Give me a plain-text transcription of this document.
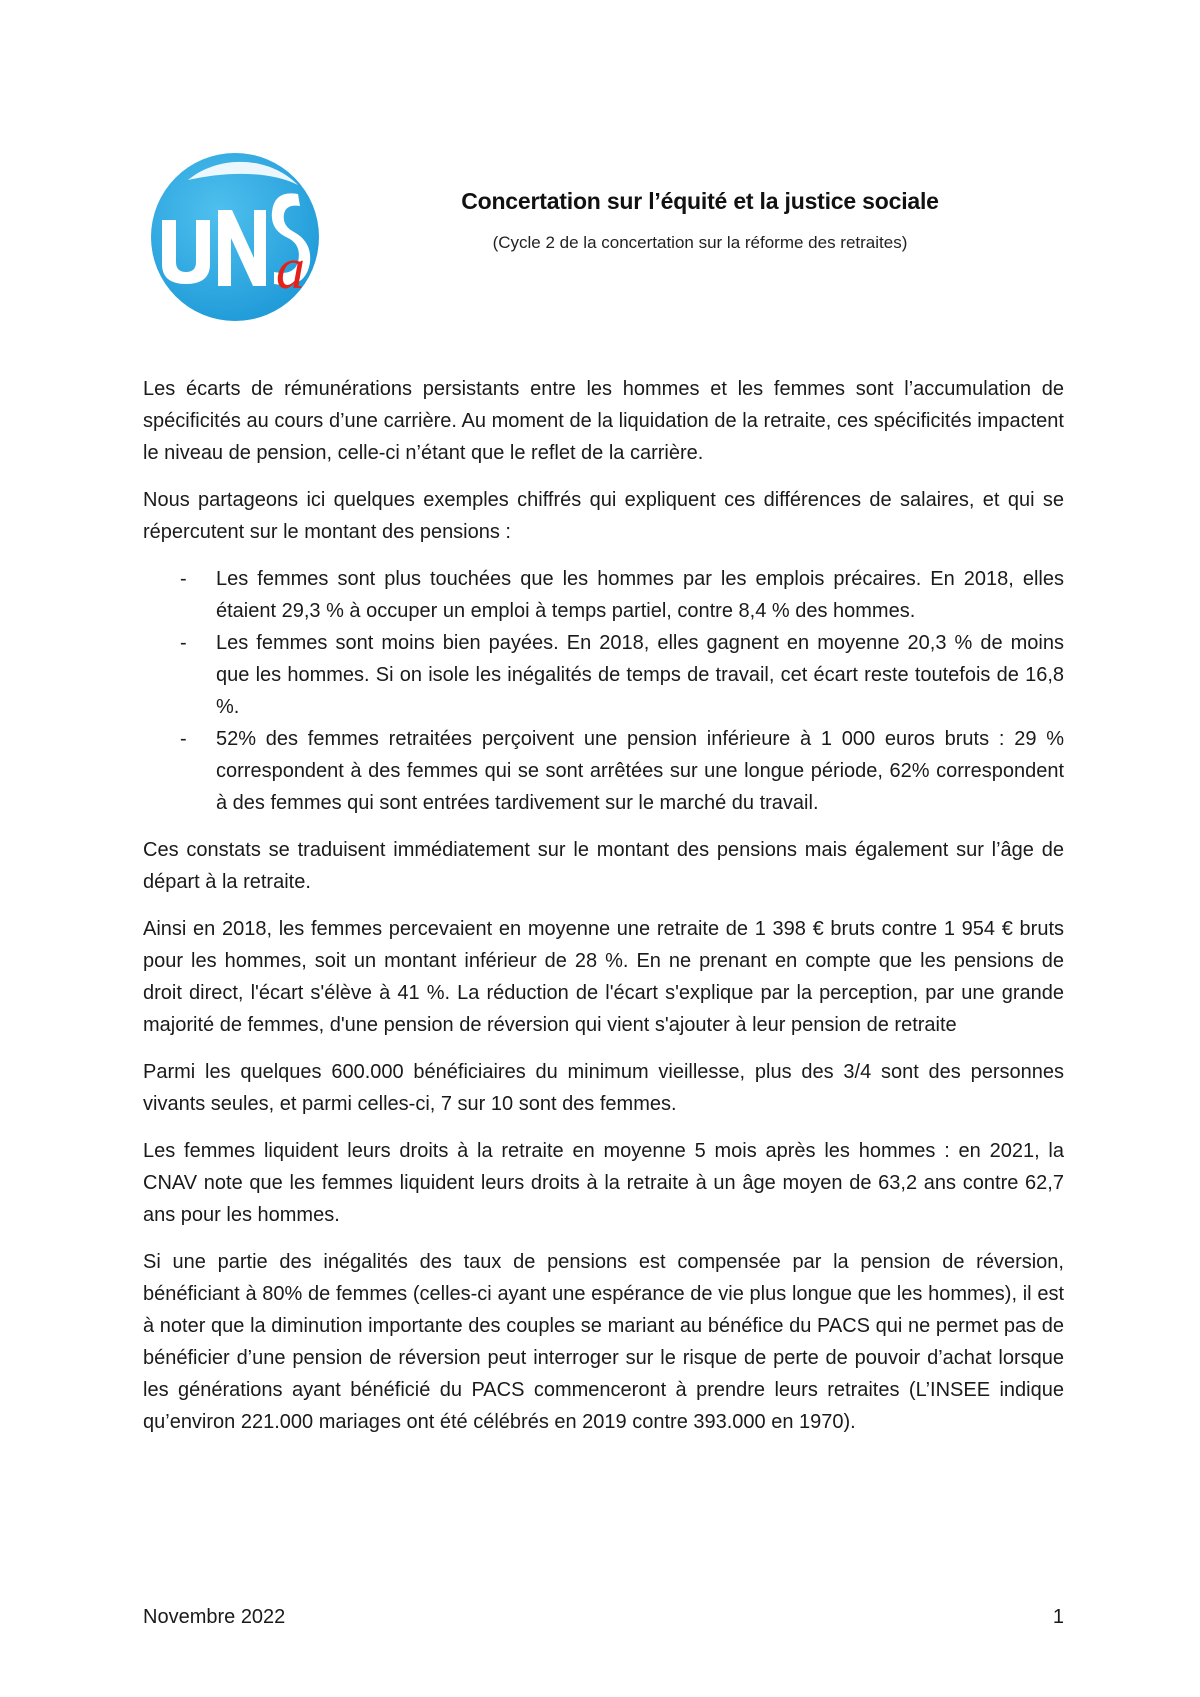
a
Concertation sur l’équité et la justice sociale

(Cycle 2 de la concertation sur la réforme des retraites)

Les écarts de rémunérations persistants entre les hommes et les femmes sont l’accumulation de spécificités au cours d’une carrière. Au moment de la liquidation de la retraite, ces spécificités impactent le niveau de pension, celle-ci n’étant que le reflet de la carrière.

Nous partageons ici quelques exemples chiffrés qui expliquent ces différences de salaires, et qui se répercutent sur le montant des pensions :

- Les femmes sont plus touchées que les hommes par les emplois précaires. En 2018, elles étaient 29,3 % à occuper un emploi à temps partiel, contre 8,4 % des hommes.
- Les femmes sont moins bien payées. En 2018, elles gagnent en moyenne 20,3 % de moins que les hommes. Si on isole les inégalités de temps de travail, cet écart reste toutefois de 16,8 %.
- 52% des femmes retraitées perçoivent une pension inférieure à 1 000 euros bruts : 29 % correspondent à des femmes qui se sont arrêtées sur une longue période, 62% correspondent à des femmes qui sont entrées tardivement sur le marché du travail.

Ces constats se traduisent immédiatement sur le montant des pensions mais également sur l’âge de départ à la retraite.

Ainsi en 2018, les femmes percevaient en moyenne une retraite de 1 398 € bruts contre 1 954 € bruts pour les hommes, soit un montant inférieur de 28 %. En ne prenant en compte que les pensions de droit direct, l'écart s'élève à 41 %. La réduction de l'écart s'explique par la perception, par une grande majorité de femmes, d'une pension de réversion qui vient s'ajouter à leur pension de retraite

Parmi les quelques 600.000 bénéficiaires du minimum vieillesse, plus des 3/4 sont des personnes vivants seules, et parmi celles-ci, 7 sur 10 sont des femmes.

Les femmes liquident leurs droits à la retraite en moyenne 5 mois après les hommes : en 2021, la CNAV note que les femmes liquident leurs droits à la retraite à un âge moyen de 63,2 ans contre 62,7 ans pour les hommes.

Si une partie des inégalités des taux de pensions est compensée par la pension de réversion, bénéficiant à 80% de femmes (celles-ci ayant une espérance de vie plus longue que les hommes), il est à noter que la diminution importante des couples se mariant au bénéfice du PACS qui ne permet pas de bénéficier d’une pension de réversion peut interroger sur le risque de perte de pouvoir d’achat lorsque les générations ayant bénéficié du PACS commenceront à prendre leurs retraites (L’INSEE indique qu’environ 221.000 mariages ont été célébrés en 2019 contre 393.000 en 1970).

Novembre 2022	1
